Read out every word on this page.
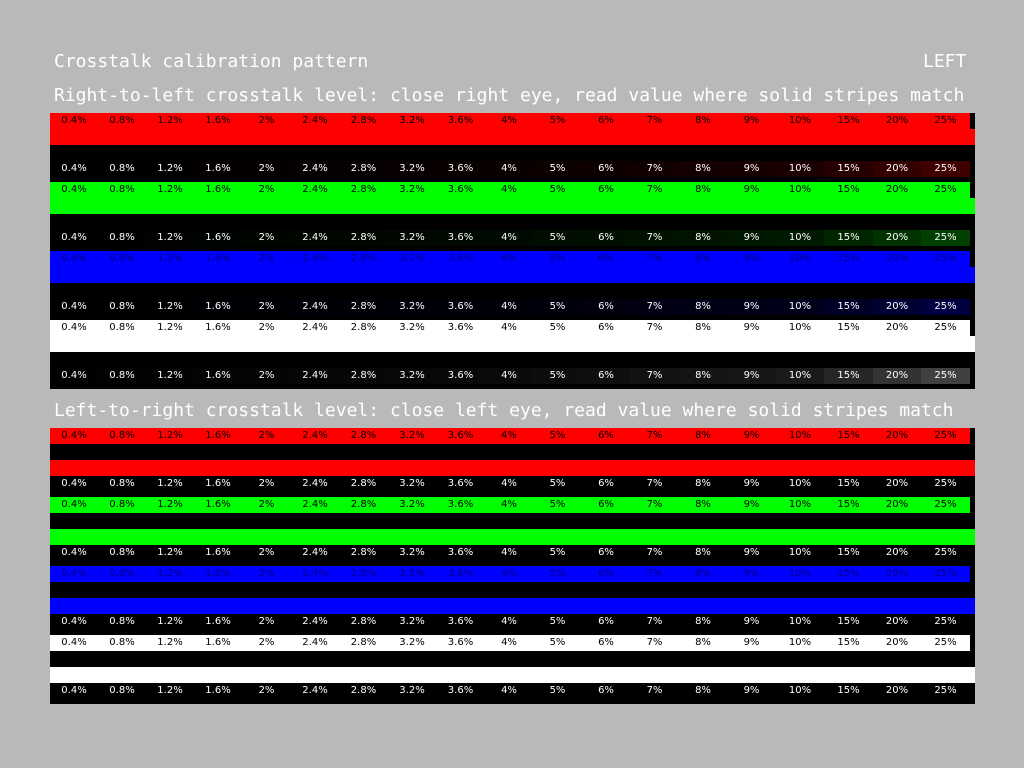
Crosstalk calibration pattern	LEFT
Right-to-left crosstalk level: close right eye, read value where solid stripes match
Left-to-right crosstalk level: close left eye, read value where solid stripes match
0.4%	0.8%	1.2%	1.6%	2%	2.4%	2.8%	3.2%	3.6%	4%	5%	6%	7%	8%	9%	10%	15%	20%	25%
0.4%	0.8%	1.2%	1.6%	2%	2.4%	2.8%	3.2%	3.6%	4%	5%	6%	7%	8%	9%	10%	15%	20%	25%
0.4%	0.8%	1.2%	1.6%	2%	2.4%	2.8%	3.2%	3.6%	4%	5%	6%	7%	8%	9%	10%	15%	20%	25%
0.4%	0.8%	1.2%	1.6%	2%	2.4%	2.8%	3.2%	3.6%	4%	5%	6%	7%	8%	9%	10%	15%	20%	25%
0.4%	0.8%	1.2%	1.6%	2%	2.4%	2.8%	3.2%	3.6%	4%	5%	6%	7%	8%	9%	10%	15%	20%	25%
0.4%	0.8%	1.2%	1.6%	2%	2.4%	2.8%	3.2%	3.6%	4%	5%	6%	7%	8%	9%	10%	15%	20%	25%
0.4%	0.8%	1.2%	1.6%	2%	2.4%	2.8%	3.2%	3.6%	4%	5%	6%	7%	8%	9%	10%	15%	20%	25%
0.4%	0.8%	1.2%	1.6%	2%	2.4%	2.8%	3.2%	3.6%	4%	5%	6%	7%	8%	9%	10%	15%	20%	25%
0.4%	0.8%	1.2%	1.6%	2%	2.4%	2.8%	3.2%	3.6%	4%	5%	6%	7%	8%	9%	10%	15%	20%	25%
0.4%	0.8%	1.2%	1.6%	2%	2.4%	2.8%	3.2%	3.6%	4%	5%	6%	7%	8%	9%	10%	15%	20%	25%
0.4%	0.8%	1.2%	1.6%	2%	2.4%	2.8%	3.2%	3.6%	4%	5%	6%	7%	8%	9%	10%	15%	20%	25%
0.4%	0.8%	1.2%	1.6%	2%	2.4%	2.8%	3.2%	3.6%	4%	5%	6%	7%	8%	9%	10%	15%	20%	25%
0.4%	0.8%	1.2%	1.6%	2%	2.4%	2.8%	3.2%	3.6%	4%	5%	6%	7%	8%	9%	10%	15%	20%	25%
0.4%	0.8%	1.2%	1.6%	2%	2.4%	2.8%	3.2%	3.6%	4%	5%	6%	7%	8%	9%	10%	15%	20%	25%
0.4%	0.8%	1.2%	1.6%	2%	2.4%	2.8%	3.2%	3.6%	4%	5%	6%	7%	8%	9%	10%	15%	20%	25%
0.4%	0.8%	1.2%	1.6%	2%	2.4%	2.8%	3.2%	3.6%	4%	5%	6%	7%	8%	9%	10%	15%	20%	25%
